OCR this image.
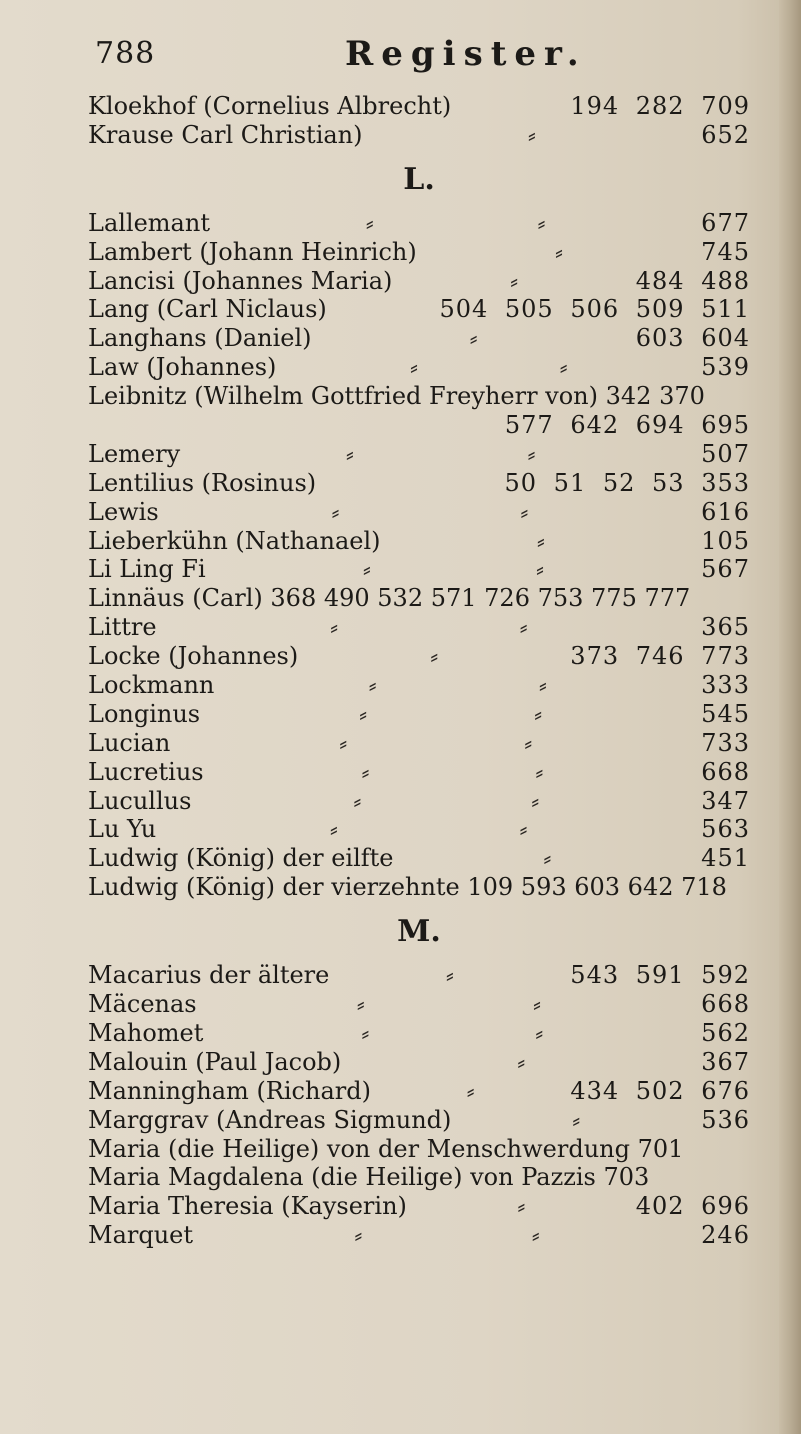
788	Register.
Kloekhof (Cornelius Albrecht)	194 282 709
Krause Carl Christian)	⸗	652
L.
Lallemant	⸗	⸗	677
Lambert (Johann Heinrich)	⸗	745
Lancisi (Johannes Maria)	⸗	484 488
Lang (Carl Niclaus)	504 505 506 509 511
Langhans (Daniel)	⸗	603 604
Law (Johannes)	⸗	⸗	539
Leibnitz (Wilhelm Gottfried Freyherr von) 342 370
577 642 694 695
Lemery	⸗	⸗	507
Lentilius (Rosinus)	50 51 52 53 353
Lewis	⸗	⸗	616
Lieberkühn (Nathanael)	⸗	105
Li Ling Fi	⸗	⸗	567
Linnäus (Carl) 368 490 532 571 726 753 775 777
Littre	⸗	⸗	365
Locke (Johannes)	⸗	373 746 773
Lockmann	⸗	⸗	333
Longinus	⸗	⸗	545
Lucian	⸗	⸗	733
Lucretius	⸗	⸗	668
Lucullus	⸗	⸗	347
Lu Yu	⸗	⸗	563
Ludwig (König) der eilfte	⸗	451
Ludwig (König) der vierzehnte 109 593 603 642 718
M.
Macarius der ältere	⸗	543 591 592
Mäcenas	⸗	⸗	668
Mahomet	⸗	⸗	562
Malouin (Paul Jacob)	⸗	367
Manningham (Richard)	⸗	434 502 676
Marggrav (Andreas Sigmund)	⸗	536
Maria (die Heilige) von der Menschwerdung 701
Maria Magdalena (die Heilige) von Pazzis 703
Maria Theresia (Kayserin)	⸗	402 696
Marquet	⸗	⸗	246
